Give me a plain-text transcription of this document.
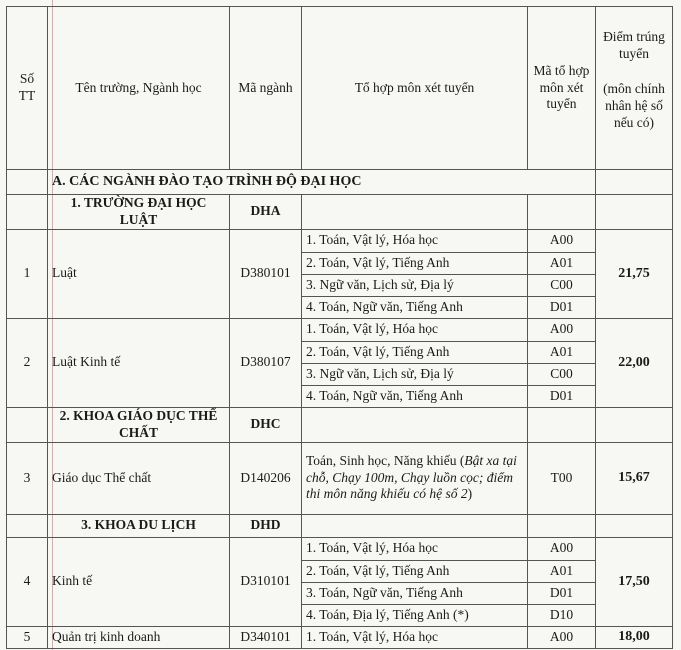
Số TT	Tên trường, Ngành học	Mã ngành	Tổ hợp môn xét tuyển	Mã tổ hợp môn xét tuyển	Điểm trúng tuyển
(môn chính nhân hệ số nếu có)

	A. CÁC NGÀNH ĐÀO TẠO TRÌNH ĐỘ ĐẠI HỌC				
	1. TRƯỜNG ĐẠI HỌC LUẬT	DHA			
1	Luật	D380101	1. Toán, Vật lý, Hóa học	A00	21,75
			2. Toán, Vật lý, Tiếng Anh	A01	
			3. Ngữ văn, Lịch sử, Địa lý	C00	
			4. Toán, Ngữ văn, Tiếng Anh	D01	
2	Luật Kinh tế	D380107	1. Toán, Vật lý, Hóa học	A00	22,00
			2. Toán, Vật lý, Tiếng Anh	A01	
			3. Ngữ văn, Lịch sử, Địa lý	C00	
			4. Toán, Ngữ văn, Tiếng Anh	D01	
	2. KHOA GIÁO DỤC THỂ CHẤT	DHC			
3	Giáo dục Thể chất	D140206	Toán, Sinh học, Năng khiếu (Bật xa tại chỗ, Chạy 100m, Chạy luồn cọc; điểm thi môn năng khiếu có hệ số 2)	T00	15,67
	3. KHOA DU LỊCH	DHD			
4	Kinh tế	D310101	1. Toán, Vật lý, Hóa học	A00	17,50
			2. Toán, Vật lý, Tiếng Anh	A01	
			3. Toán, Ngữ văn, Tiếng Anh	D01	
			4. Toán, Địa lý, Tiếng Anh (*)	D10	
5	Quản trị kinh doanh	D340101	1. Toán, Vật lý, Hóa học	A00	18,00
